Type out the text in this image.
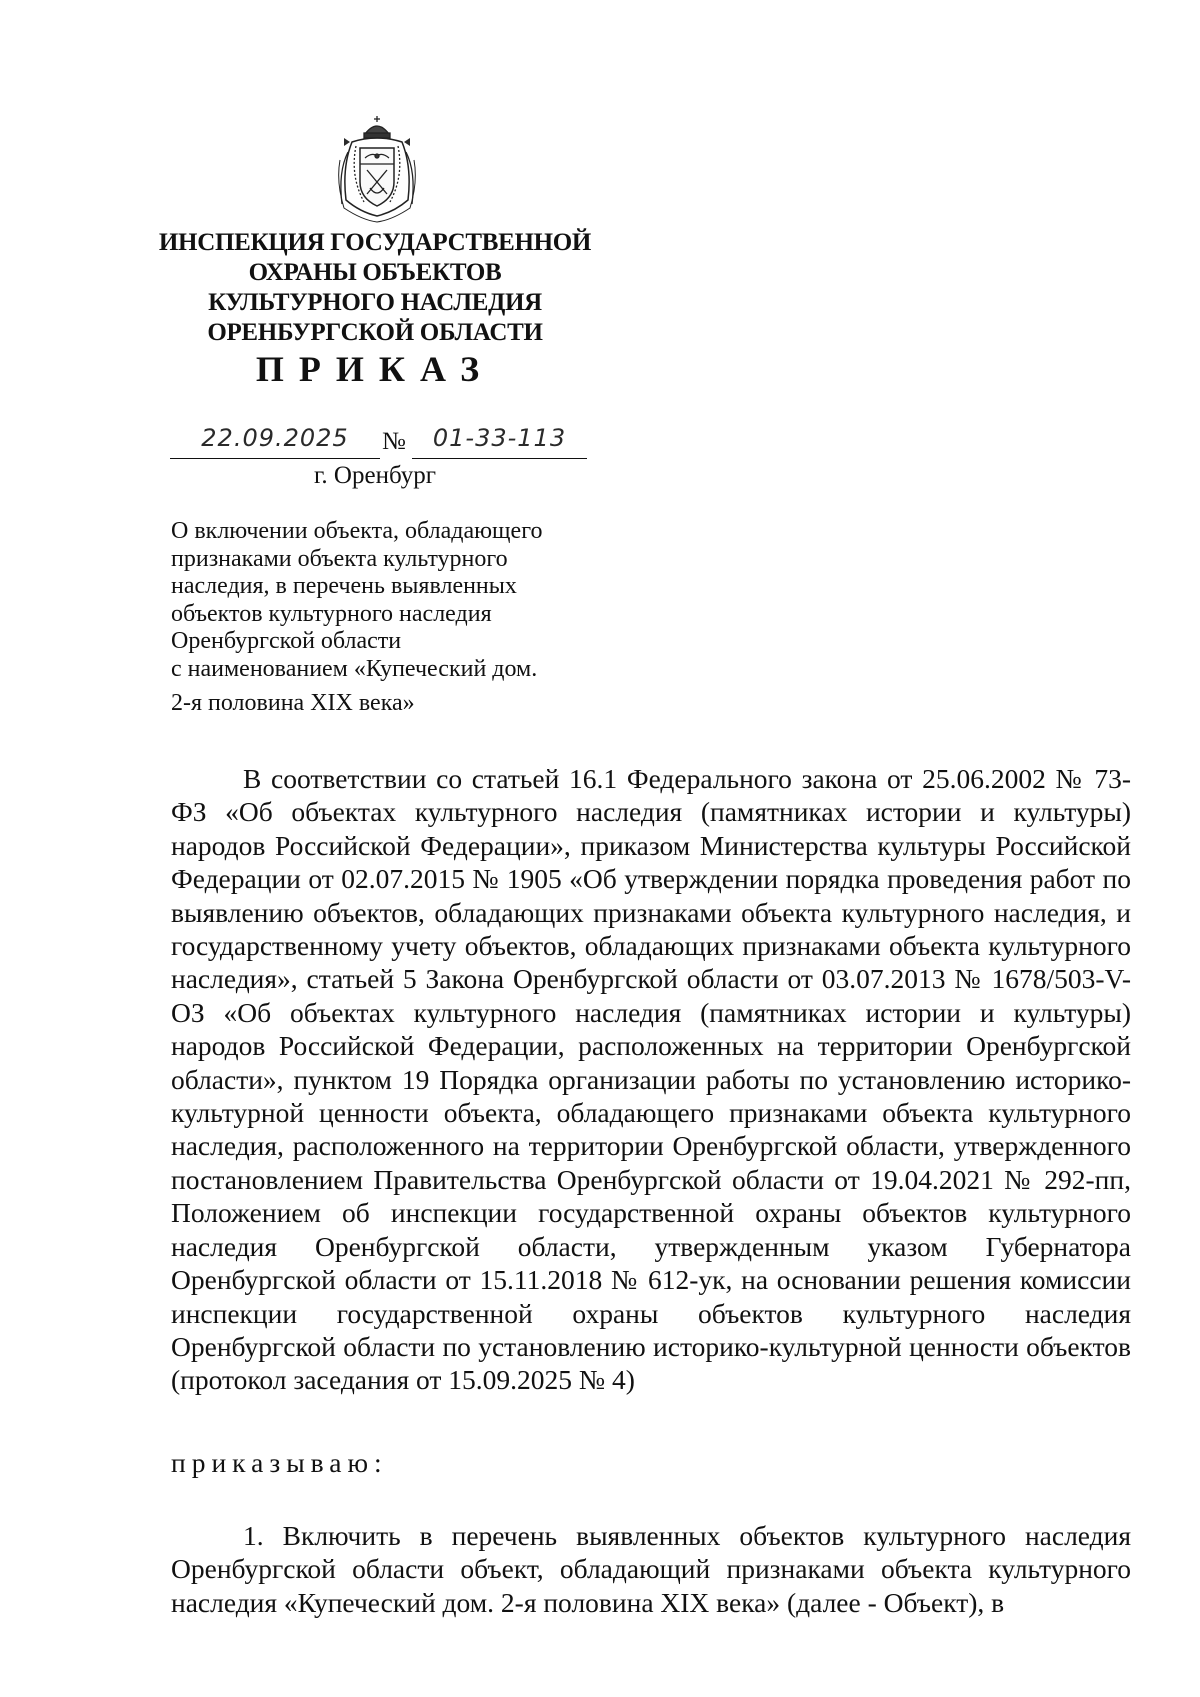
ИНСПЕКЦИЯ ГОСУДАРСТВЕННОЙ
ОХРАНЫ ОБЪЕКТОВ
КУЛЬТУРНОГО НАСЛЕДИЯ
ОРЕНБУРГСКОЙ ОБЛАСТИ
ПРИКАЗ
22.09.2025	№	01-33-113
г. Оренбург
О включении объекта, обладающего
признаками объекта культурного
наследия, в перечень выявленных
объектов культурного наследия
Оренбургской области
с наименованием «Купеческий дом.
2-я половина XIX века»

В соответствии со статьей 16.1 Федерального закона от 25.06.2002 № 73-ФЗ «Об объектах культурного наследия (памятниках истории и культуры) народов Российской Федерации», приказом Министерства культуры Российской Федерации от 02.07.2015 № 1905 «Об утверждении порядка проведения работ по выявлению объектов, обладающих признаками объекта культурного наследия, и государственному учету объектов, обладающих признаками объекта культурного наследия», статьей 5 Закона Оренбургской области от 03.07.2013 № 1678/503-V-ОЗ «Об объектах культурного наследия (памятниках истории и культуры) народов Российской Федерации, расположенных на территории Оренбургской области», пунктом 19 Порядка организации работы по установлению историко-культурной ценности объекта, обладающего признаками объекта культурного наследия, расположенного на территории Оренбургской области, утвержденного постановлением Правительства Оренбургской области от 19.04.2021 № 292-пп, Положением об инспекции государственной охраны объектов культурного наследия Оренбургской области, утвержденным указом Губернатора Оренбургской области от 15.11.2018 № 612-ук, на основании решения комиссии инспекции государственной охраны объектов культурного наследия Оренбургской области по установлению историко-культурной ценности объектов (протокол заседания от 15.09.2025 № 4)

приказываю:

1. Включить в перечень выявленных объектов культурного наследия Оренбургской области объект, обладающий признаками объекта культурного наследия «Купеческий дом. 2-я половина XIX века» (далее - Объект), в
